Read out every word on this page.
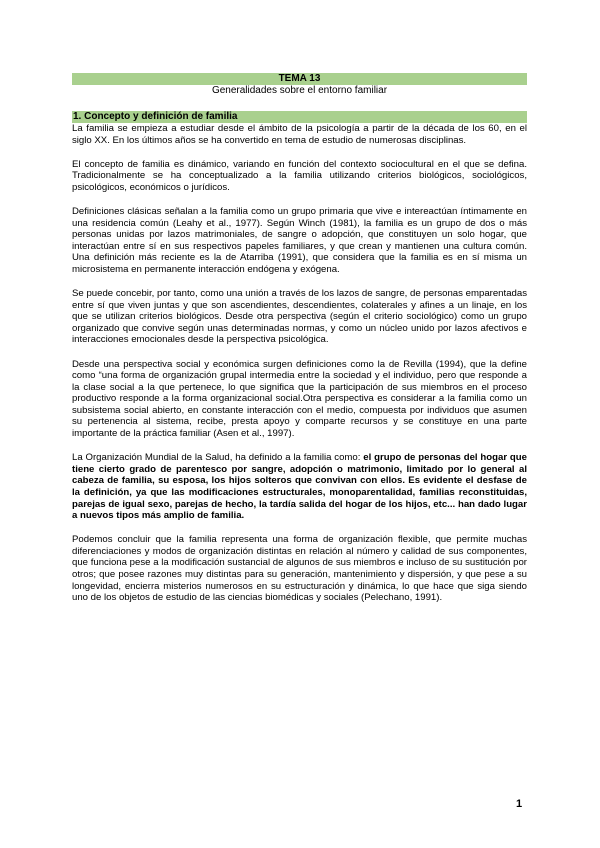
TEMA 13
Generalidades sobre el entorno familiar
1. Concepto y definición de familia

La familia se empieza a estudiar desde el ámbito de la psicología a partir de la década de los 60, en el siglo XX. En los últimos años se ha convertido en tema de estudio de numerosas disciplinas.

El concepto de familia es dinámico, variando en función del contexto sociocultural en el que se defina. Tradicionalmente se ha conceptualizado a la familia utilizando criterios biológicos, sociológicos, psicológicos, económicos o jurídicos.

Definiciones clásicas señalan a la familia como un grupo primaria que vive e intereactúan íntimamente en una residencia común (Leahy et al., 1977). Según Winch (1981), la familia es un grupo de dos o más personas unidas por lazos matrimoniales, de sangre o adopción, que constituyen un solo hogar, que interactúan entre sí en sus respectivos papeles familiares, y que crean y mantienen una cultura común. Una definición más reciente es la de Atarriba (1991), que considera que la familia es en sí misma un microsistema en permanente interacción endógena y exógena.

Se puede concebir, por tanto, como una unión a través de los lazos de sangre, de personas emparentadas entre sí que viven juntas y que son ascendientes, descendientes, colaterales y afines a un linaje, en los que se utilizan criterios biológicos. Desde otra perspectiva (según el criterio sociológico) como un grupo organizado que convive según unas determinadas normas, y como un núcleo unido por lazos afectivos e interacciones emocionales desde la perspectiva psicológica.

Desde una perspectiva social y económica surgen definiciones como la de Revilla (1994), que la define como “una forma de organización grupal intermedia entre la sociedad y el individuo, pero que responde a la clase social a la que pertenece, lo que significa que la participación de sus miembros en el proceso productivo responde a la forma organizacional social.Otra perspectiva es considerar a la familia como un subsistema social abierto, en constante interacción con el medio, compuesta por individuos que asumen su pertenencia al sistema, recibe, presta apoyo y comparte recursos y se constituye en una parte importante de la práctica familiar (Asen et al., 1997).

La Organización Mundial de la Salud, ha definido a la familia como: el grupo de personas del hogar que tiene cierto grado de parentesco por sangre, adopción o matrimonio, limitado por lo general al cabeza de familia, su esposa, los hijos solteros que convivan con ellos. Es evidente el desfase de la definición, ya que las modificaciones estructurales, monoparentalidad, familias reconstituidas, parejas de igual sexo, parejas de hecho, la tardía salida del hogar de los hijos, etc... han dado lugar a nuevos tipos más amplio de familia.

Podemos concluir que la familia representa una forma de organización flexible, que permite muchas diferenciaciones y modos de organización distintas en relación al número y calidad de sus componentes, que funciona pese a la modificación sustancial de algunos de sus miembros e incluso de su sustitución por otros; que posee razones muy distintas para su generación, mantenimiento y dispersión, y que pese a su longevidad, encierra misterios numerosos en su estructuración y dinámica, lo que hace que siga siendo uno de los objetos de estudio de las ciencias biomédicas y sociales (Pelechano, 1991).

1
